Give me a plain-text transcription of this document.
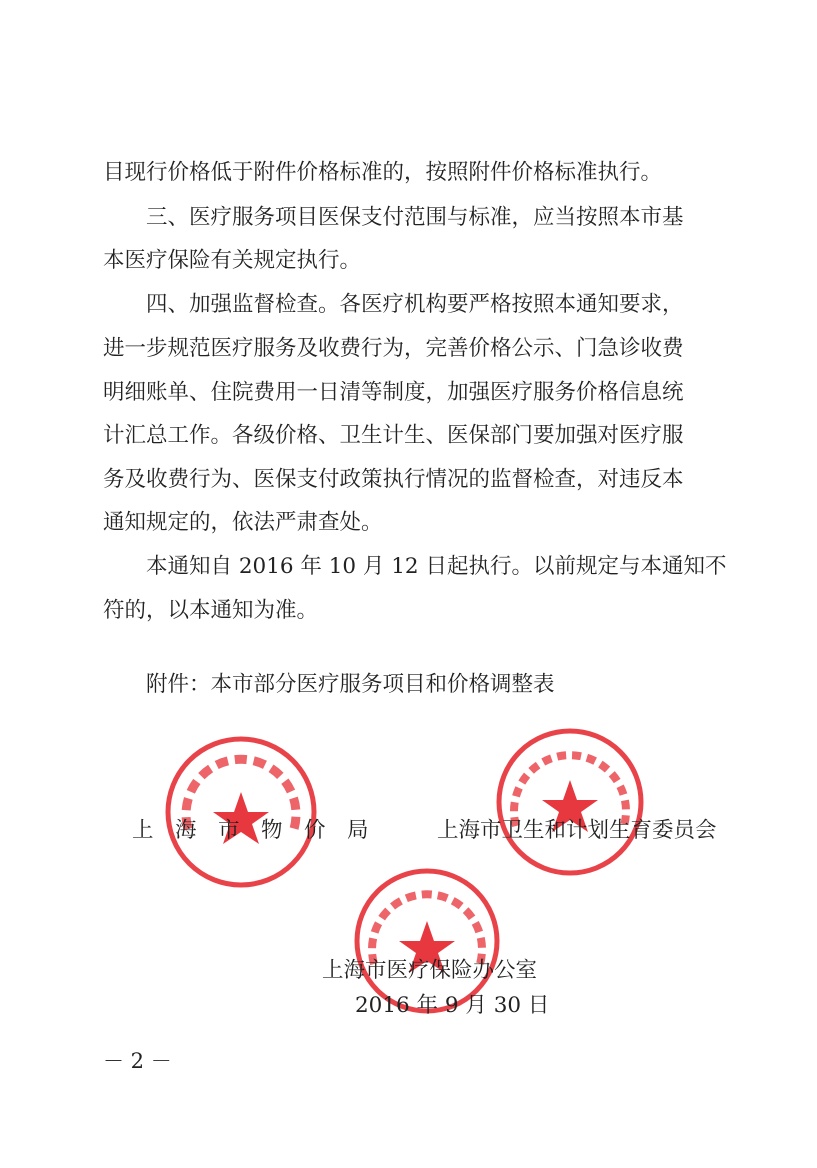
目现行价格低于附件价格标准的，按照附件价格标准执行。
三、医疗服务项目医保支付范围与标准，应当按照本市基
本医疗保险有关规定执行。
四、加强监督检查。各医疗机构要严格按照本通知要求，
进一步规范医疗服务及收费行为，完善价格公示、门急诊收费
明细账单、住院费用一日清等制度，加强医疗服务价格信息统
计汇总工作。各级价格、卫生计生、医保部门要加强对医疗服
务及收费行为、医保支付政策执行情况的监督检查，对违反本
通知规定的，依法严肃查处。
本通知自 2016 年 10 月 12 日起执行。以前规定与本通知不
符的，以本通知为准。
附件：本市部分医疗服务项目和价格调整表
上　海　市　物　价　局	上海市卫生和计划生育委员会
上海市医疗保险办公室
2016 年 9 月 30 日
－ 2 －
